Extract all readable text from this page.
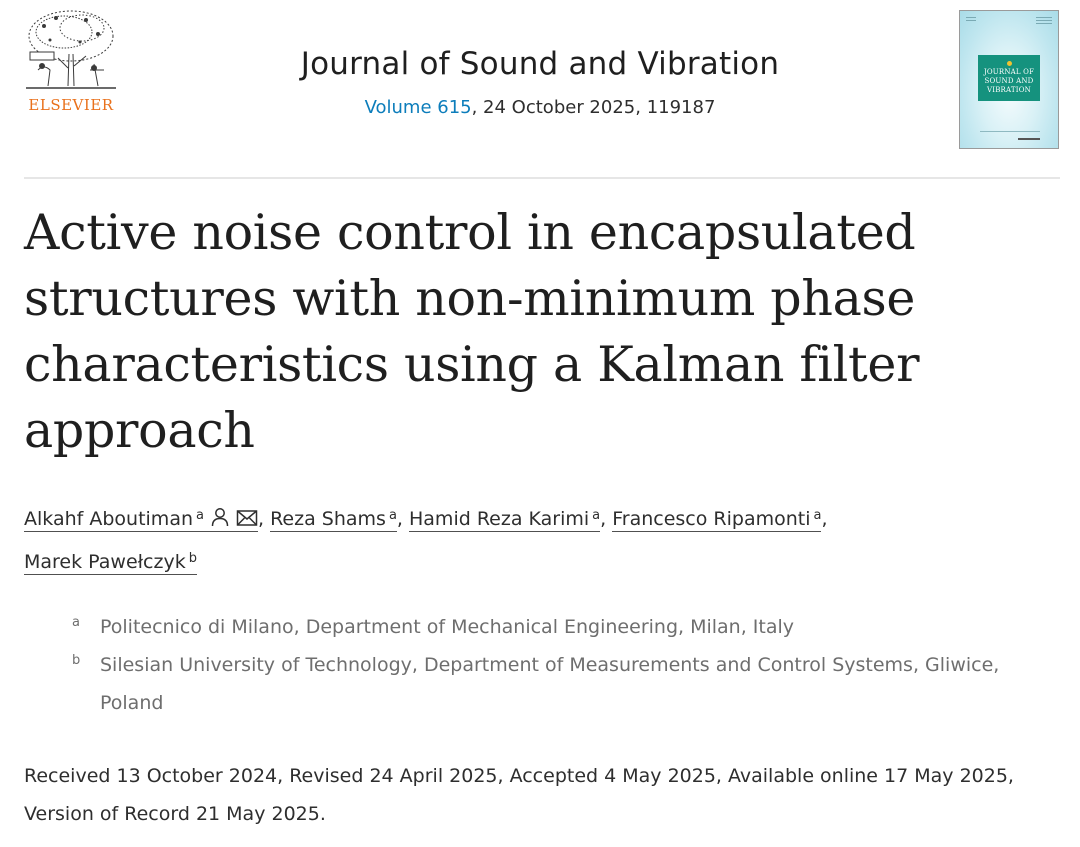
ELSEVIER
Journal of Sound and Vibration
Volume 615, 24 October 2025, 119187
JOURNAL OF
SOUND AND
VIBRATION
Active noise control in encapsulated structures with non-minimum phase characteristics using a Kalman filter approach
Alkahf Aboutiman $^a$	, Reza Shams $^a$, Hamid Reza Karimi $^a$, Francesco Ripamonti $^a$,
Marek Pawełczyk $^b$
a Politecnico di Milano, Department of Mechanical Engineering, Milan, Italy
b Silesian University of Technology, Department of Measurements and Control Systems, Gliwice, Poland
Received 13 October 2024, Revised 24 April 2025, Accepted 4 May 2025, Available online 17 May 2025, Version of Record 21 May 2025.
